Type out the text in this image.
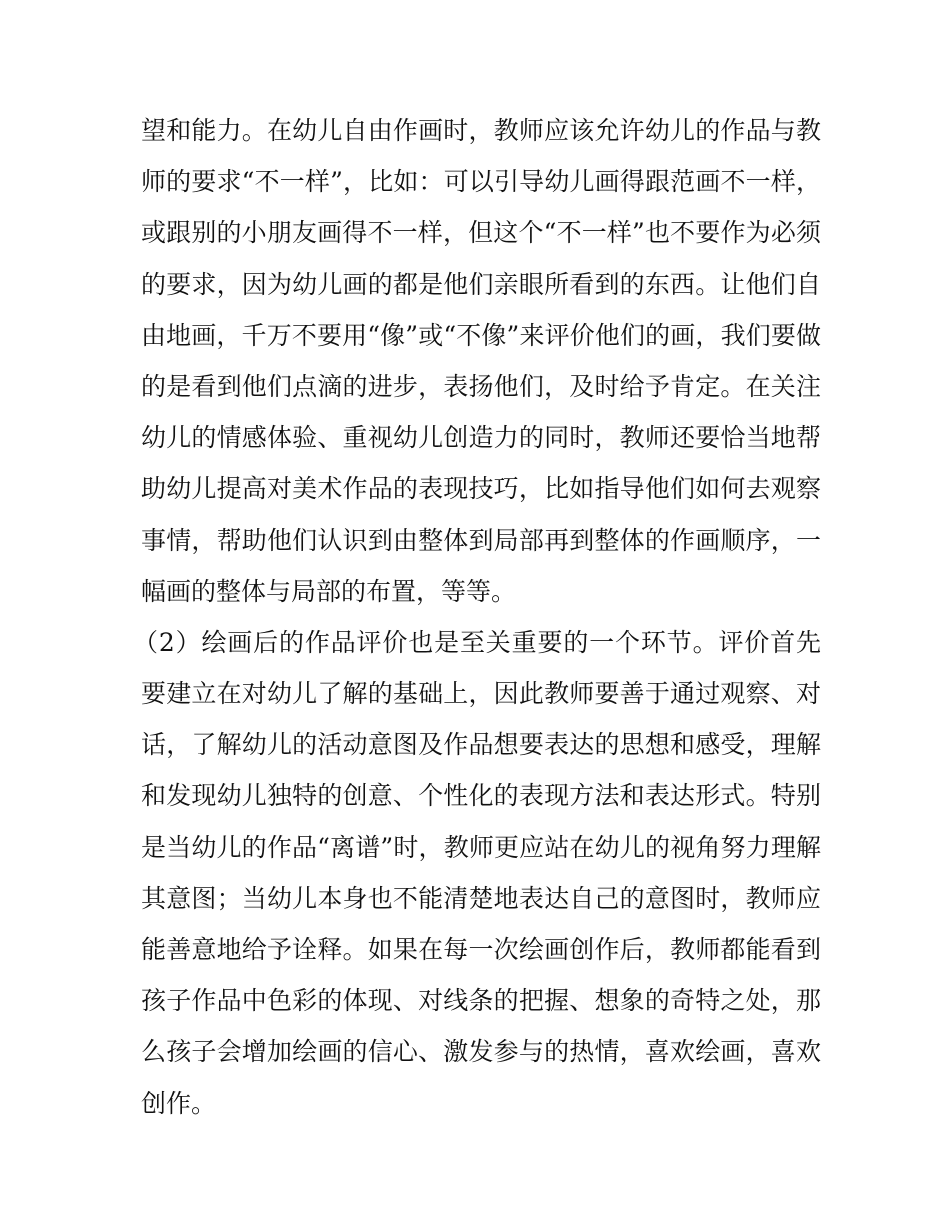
望和能力。在幼儿自由作画时，教师应该允许幼儿的作品与教
师的要求“不一样”，比如：可以引导幼儿画得跟范画不一样，
或跟别的小朋友画得不一样，但这个“不一样”也不要作为必须
的要求，因为幼儿画的都是他们亲眼所看到的东西。让他们自
由地画，千万不要用“像”或“不像”来评价他们的画，我们要做
的是看到他们点滴的进步，表扬他们，及时给予肯定。在关注
幼儿的情感体验、重视幼儿创造力的同时，教师还要恰当地帮
助幼儿提高对美术作品的表现技巧，比如指导他们如何去观察
事情，帮助他们认识到由整体到局部再到整体的作画顺序，一
幅画的整体与局部的布置，等等。
（2）绘画后的作品评价也是至关重要的一个环节。评价首先
要建立在对幼儿了解的基础上，因此教师要善于通过观察、对
话，了解幼儿的活动意图及作品想要表达的思想和感受，理解
和发现幼儿独特的创意、个性化的表现方法和表达形式。特别
是当幼儿的作品“离谱”时，教师更应站在幼儿的视角努力理解
其意图；当幼儿本身也不能清楚地表达自己的意图时，教师应
能善意地给予诠释。如果在每一次绘画创作后，教师都能看到
孩子作品中色彩的体现、对线条的把握、想象的奇特之处，那
么孩子会增加绘画的信心、激发参与的热情，喜欢绘画，喜欢
创作。
